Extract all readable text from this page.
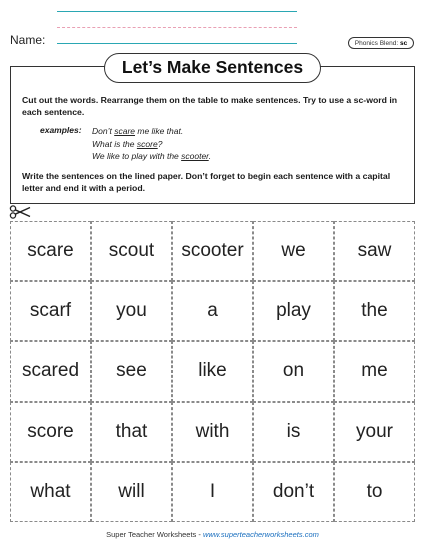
Name:	Phonics Blend: sc
Let’s Make Sentences
Cut out the words. Rearrange them on the table to make sentences. Try to use a sc-word in each sentence.
examples: Don’t scare me like that.
What is the score?
We like to play with the scooter.
Write the sentences on the lined paper. Don’t forget to begin each sentence with a capital letter and end it with a period.
scare	scout	scooter	we	saw
scarf	you	a	play	the
scared	see	like	on	me
score	that	with	is	your
what	will	I	don’t	to
Super Teacher Worksheets - www.superteacherworksheets.com
